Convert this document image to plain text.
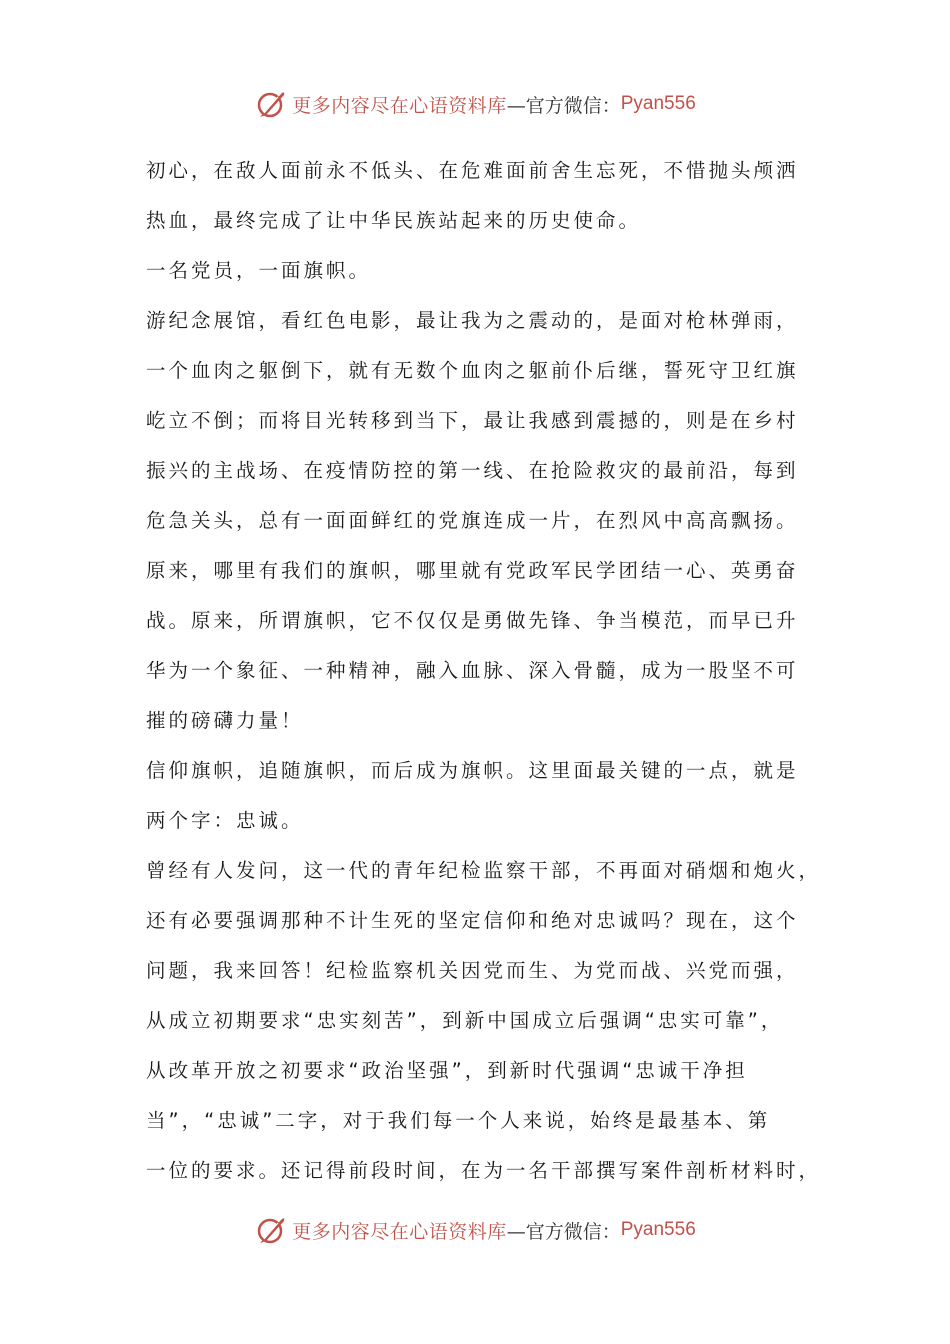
更多内容尽在心语资料库 —官方微信： Pyan556
初心，在敌人面前永不低头、在危难面前舍生忘死，不惜抛头颅洒
热血，最终完成了让中华民族站起来的历史使命。
一名党员，一面旗帜。
游纪念展馆，看红色电影，最让我为之震动的，是面对枪林弹雨，
一个血肉之躯倒下，就有无数个血肉之躯前仆后继，誓死守卫红旗
屹立不倒；而将目光转移到当下，最让我感到震撼的，则是在乡村
振兴的主战场、在疫情防控的第一线、在抢险救灾的最前沿，每到
危急关头，总有一面面鲜红的党旗连成一片，在烈风中高高飘扬。
原来，哪里有我们的旗帜，哪里就有党政军民学团结一心、英勇奋
战。原来，所谓旗帜，它不仅仅是勇做先锋、争当模范，而早已升
华为一个象征、一种精神，融入血脉、深入骨髓，成为一股坚不可
摧的磅礴力量！
信仰旗帜，追随旗帜，而后成为旗帜。这里面最关键的一点，就是
两个字：忠诚。
曾经有人发问，这一代的青年纪检监察干部，不再面对硝烟和炮火，
还有必要强调那种不计生死的坚定信仰和绝对忠诚吗？现在，这个
问题，我来回答！纪检监察机关因党而生、为党而战、兴党而强，
从成立初期要求“忠实刻苦”，到新中国成立后强调“忠实可靠”，
从改革开放之初要求“政治坚强”，到新时代强调“忠诚干净担
当”，“忠诚”二字，对于我们每一个人来说，始终是最基本、第
一位的要求。还记得前段时间，在为一名干部撰写案件剖析材料时，
更多内容尽在心语资料库 —官方微信： Pyan556
